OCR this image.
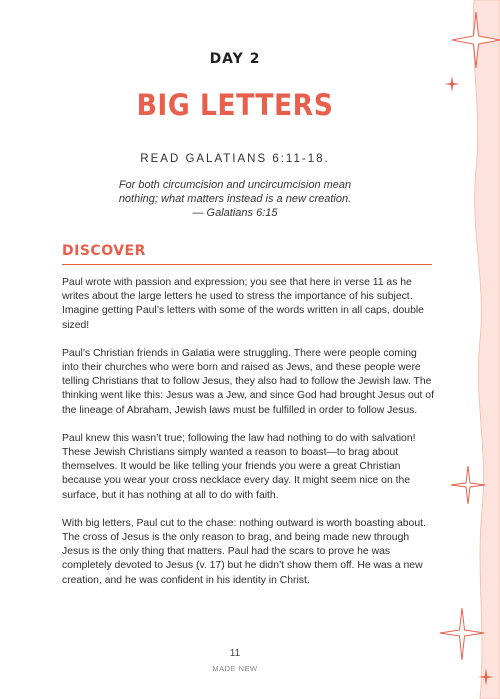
DAY 2
BIG LETTERS
READ GALATIANS 6:11-18.
For both circumcision and uncircumcision mean
nothing; what matters instead is a new creation.
— Galatians 6:15
DISCOVER

Paul wrote with passion and expression; you see that here in verse 11 as he writes about the large letters he used to stress the importance of his subject. Imagine getting Paul’s letters with some of the words written in all caps, double sized!

Paul’s Christian friends in Galatia were struggling. There were people coming into their churches who were born and raised as Jews, and these people were telling Christians that to follow Jesus, they also had to follow the Jewish law. The thinking went like this: Jesus was a Jew, and since God had brought Jesus out of the lineage of Abraham, Jewish laws must be fulfilled in order to follow Jesus.

Paul knew this wasn’t true; following the law had nothing to do with salvation! These Jewish Christians simply wanted a reason to boast—to brag about themselves. It would be like telling your friends you were a great Christian because you wear your cross necklace every day. It might seem nice on the surface, but it has nothing at all to do with faith.

With big letters, Paul cut to the chase: nothing outward is worth boasting about. The cross of Jesus is the only reason to brag, and being made new through Jesus is the only thing that matters. Paul had the scars to prove he was completely devoted to Jesus (v. 17) but he didn’t show them off. He was a new creation, and he was confident in his identity in Christ.

11
MADE NEW
